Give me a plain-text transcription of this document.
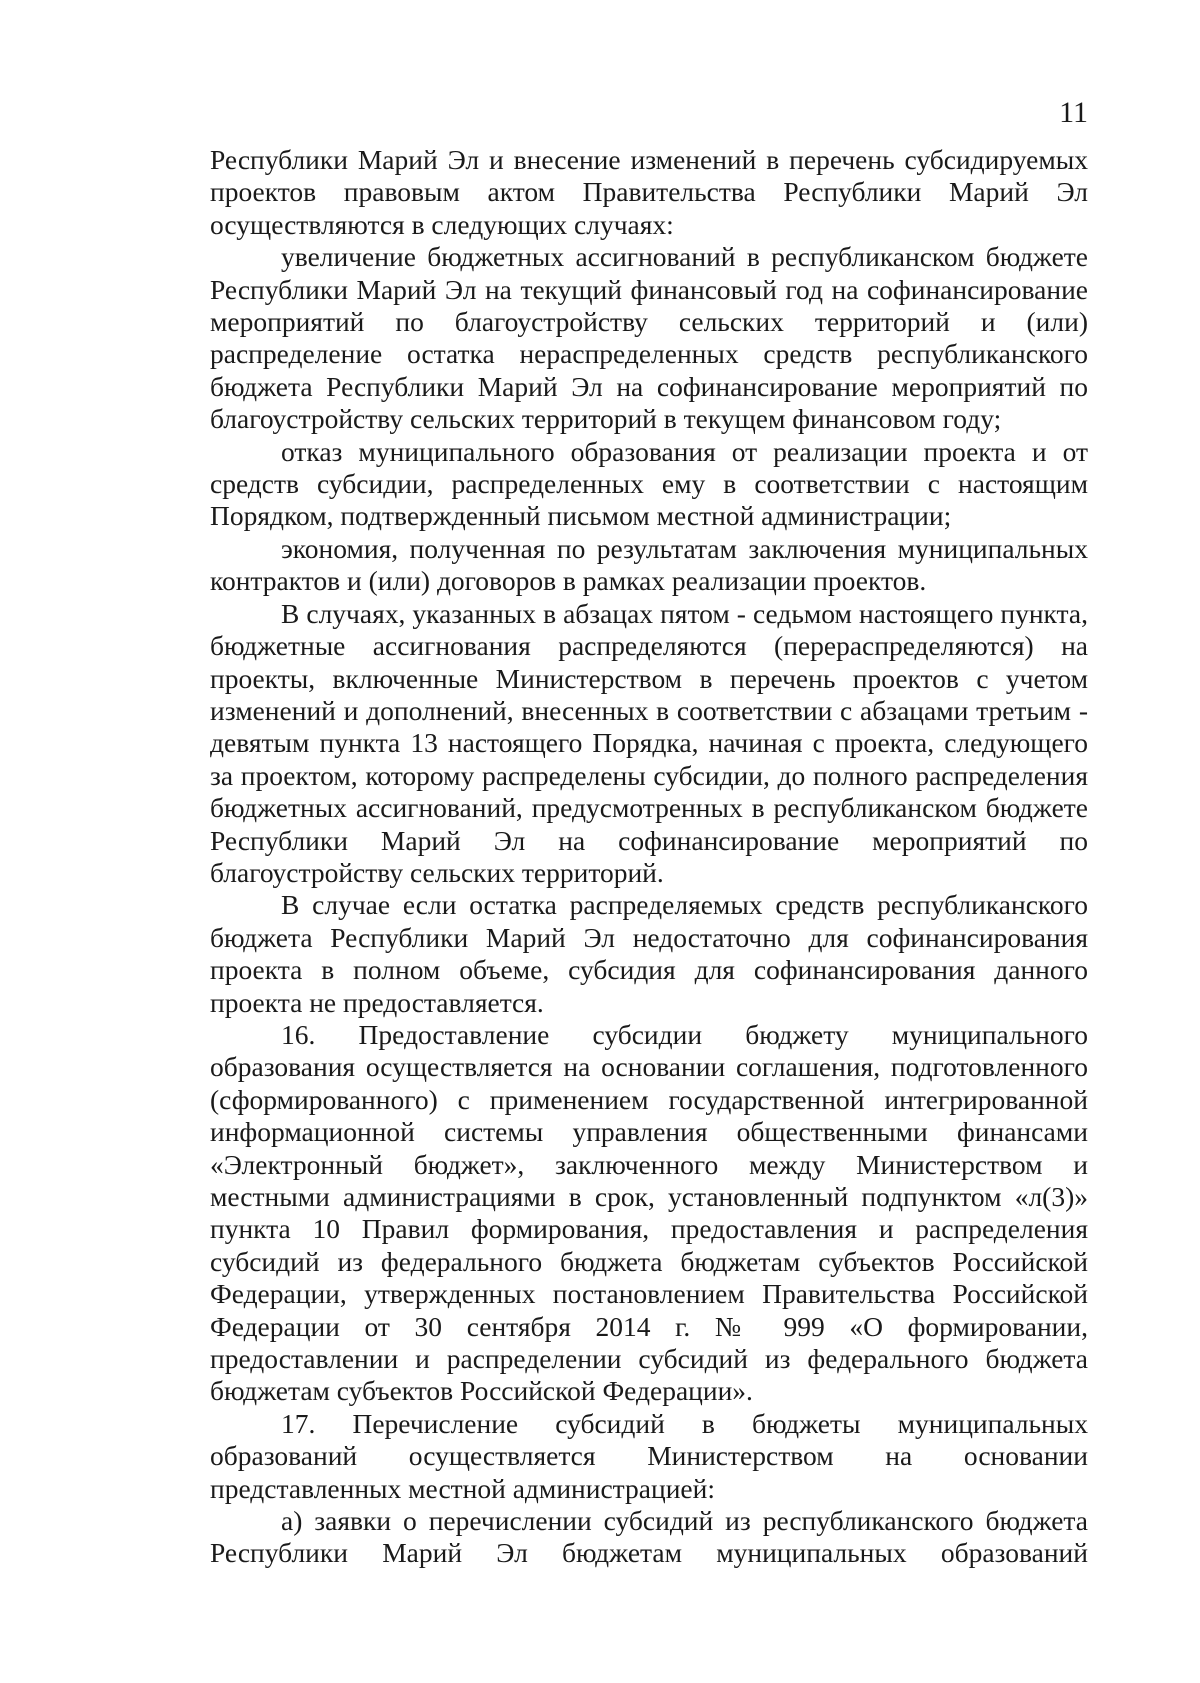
11

Республики Марий Эл и внесение изменений в перечень субсидируемых проектов правовым актом Правительства Республики Марий Эл осуществляются в следующих случаях:

увеличение бюджетных ассигнований в республиканском бюджете Республики Марий Эл на текущий финансовый год на софинансирование мероприятий по благоустройству сельских территорий и (или) распределение остатка нераспределенных средств республиканского бюджета Республики Марий Эл на софинансирование мероприятий по благоустройству сельских территорий в текущем финансовом году;

отказ муниципального образования от реализации проекта и от средств субсидии, распределенных ему в соответствии с настоящим Порядком, подтвержденный письмом местной администрации;

экономия, полученная по результатам заключения муниципальных контрактов и (или) договоров в рамках реализации проектов.

В случаях, указанных в абзацах пятом - седьмом настоящего пункта, бюджетные ассигнования распределяются (перераспределяются) на проекты, включенные Министерством в перечень проектов с учетом изменений и дополнений, внесенных в соответствии с абзацами третьим - девятым пункта 13 настоящего Порядка, начиная с проекта, следующего за проектом, которому распределены субсидии, до полного распределения бюджетных ассигнований, предусмотренных в республиканском бюджете Республики Марий Эл на софинансирование мероприятий по благоустройству сельских территорий.

В случае если остатка распределяемых средств республиканского бюджета Республики Марий Эл недостаточно для софинансирования проекта в полном объеме, субсидия для софинансирования данного проекта не предоставляется.

16. Предоставление субсидии бюджету муниципального образования осуществляется на основании соглашения, подготовленного (сформированного) с применением государственной интегрированной информационной системы управления общественными финансами «Электронный бюджет», заключенного между Министерством и местными администрациями в срок, установленный подпунктом «л(3)» пункта 10 Правил формирования, предоставления и распределения субсидий из федерального бюджета бюджетам субъектов Российской Федерации, утвержденных постановлением Правительства Российской Федерации от 30 сентября 2014 г. № 999 «О формировании, предоставлении и распределении субсидий из федерального бюджета бюджетам субъектов Российской Федерации».

17. Перечисление субсидий в бюджеты муниципальных образований осуществляется Министерством на основании представленных местной администрацией:

а) заявки о перечислении субсидий из республиканского бюджета Республики Марий Эл бюджетам муниципальных образований
